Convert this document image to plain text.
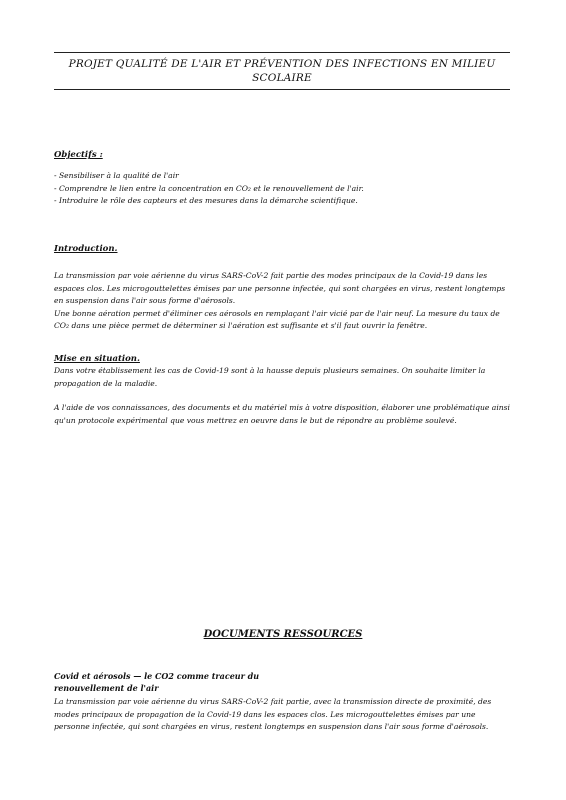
PROJET QUALITÉ DE L'AIR ET PRÉVENTION DES INFECTIONS EN MILIEU
SCOLAIRE
Objectifs :

- Sensibiliser à la qualité de l'air

- Comprendre le lien entre la concentration en CO₂ et le renouvellement de l'air.

- Introduire le rôle des capteurs et des mesures dans la démarche scientifique.

Introduction.

La transmission par voie aérienne du virus SARS-CoV-2 fait partie des modes principaux de la Covid-19 dans les espaces clos. Les microgouttelettes émises par une personne infectée, qui sont chargées en virus, restent longtemps en suspension dans l'air sous forme d'aérosols.

Une bonne aération permet d'éliminer ces aérosols en remplaçant l'air vicié par de l'air neuf. La mesure du taux de CO₂ dans une pièce permet de déterminer si l'aération est suffisante et s'il faut ouvrir la fenêtre.

Mise en situation.

Dans votre établissement les cas de Covid-19 sont à la hausse depuis plusieurs semaines. On souhaite limiter la propagation de la maladie.

A l'aide de vos connaissances, des documents et du matériel mis à votre disposition, élaborer une problématique ainsi qu'un protocole expérimental que vous mettrez en oeuvre dans le but de répondre au problème soulevé.

DOCUMENTS RESSOURCES
Covid et aérosols — le CO2 comme traceur du renouvellement de l'air

La transmission par voie aérienne du virus SARS-CoV-2 fait partie, avec la transmission directe de proximité, des modes principaux de propagation de la Covid-19 dans les espaces clos. Les microgouttelettes émises par une personne infectée, qui sont chargées en virus, restent longtemps en suspension dans l'air sous forme d'aérosols.
